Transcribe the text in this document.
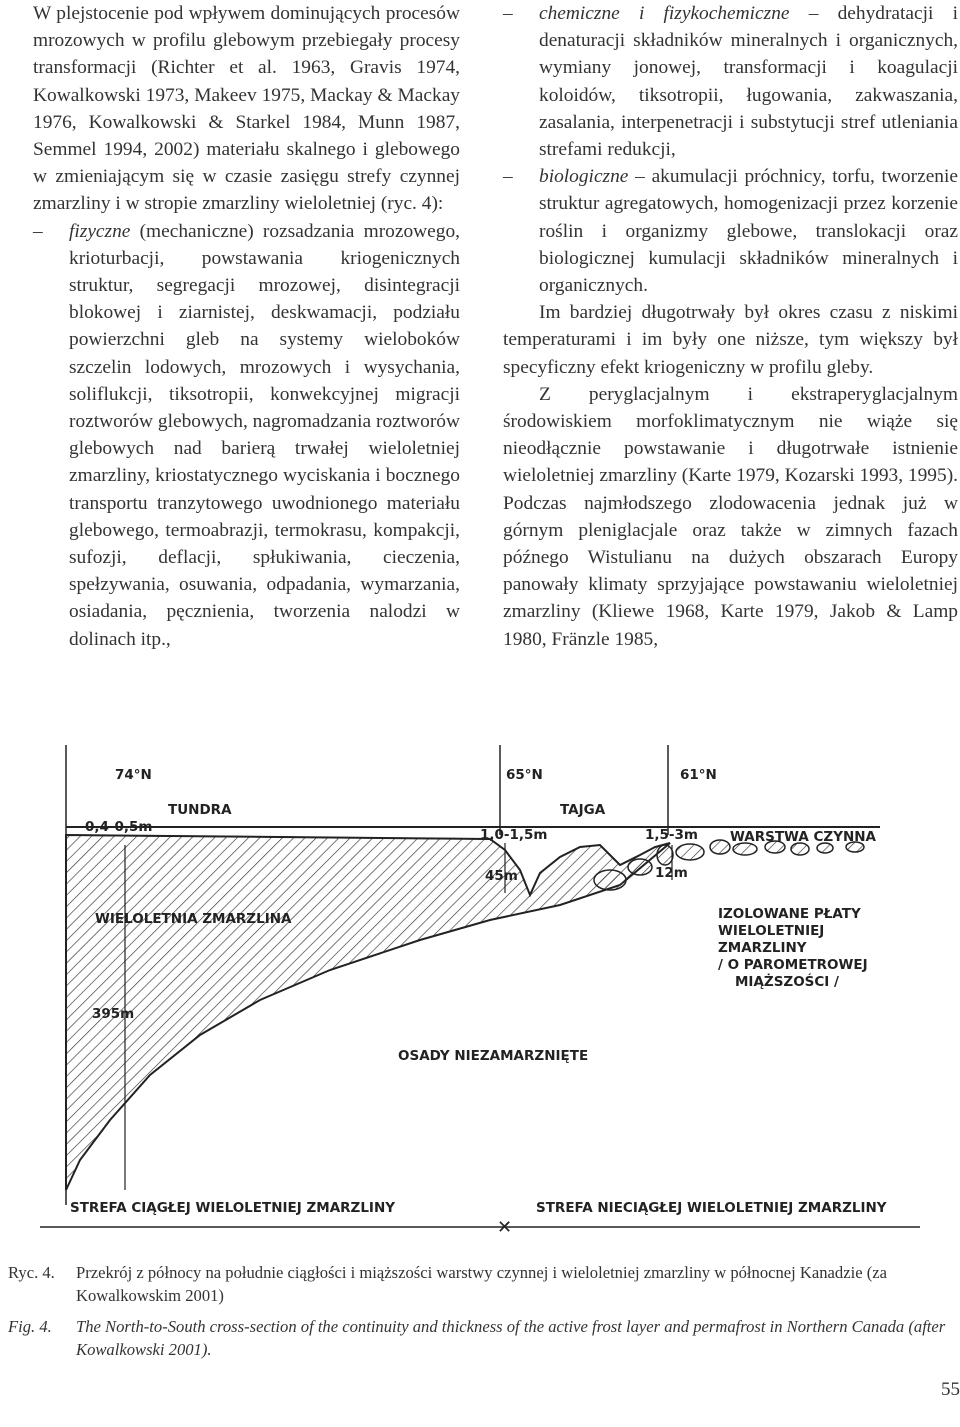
W plejstocenie pod wpływem dominujących procesów mrozowych w profilu glebowym przebiegały procesy transformacji (Richter et al. 1963, Gravis 1974, Kowalkowski 1973, Makeev 1975, Mackay & Mackay 1976, Kowalkowski & Starkel 1984, Munn 1987, Semmel 1994, 2002) materiału skalnego i glebowego w zmieniającym się w czasie zasięgu strefy czynnej zmarzliny i w stropie zmarzliny wieloletniej (ryc. 4):

– fizyczne (mechaniczne) rozsadzania mrozowego, krioturbacji, powstawania kriogenicznych struktur, segregacji mrozowej, disintegracji blokowej i ziarnistej, deskwamacji, podziału powierzchni gleb na systemy wieloboków szczelin lodowych, mrozowych i wysychania, soliflukcji, tiksotropii, konwekcyjnej migracji roztworów glebowych, nagromadzania roztworów glebowych nad barierą trwałej wieloletniej zmarzliny, kriostatycznego wyciskania i bocznego transportu tranzytowego uwodnionego materiału glebowego, termoabrazji, termokrasu, kompakcji, sufozji, deflacji, spłukiwania, cieczenia, spełzywania, osuwania, odpadania, wymarzania, osiadania, pęcznienia, tworzenia nalodzi w dolinach itp.,

– chemiczne i fizykochemiczne – dehydratacji i denaturacji składników mineralnych i organicznych, wymiany jonowej, transformacji i koagulacji koloidów, tiksotropii, ługowania, zakwaszania, zasalania, interpenetracji i substytucji stref utleniania strefami redukcji,

– biologiczne – akumulacji próchnicy, torfu, tworzenie struktur agregatowych, homogenizacji przez korzenie roślin i organizmy glebowe, translokacji oraz biologicznej kumulacji składników mineralnych i organicznych.

Im bardziej długotrwały był okres czasu z niskimi temperaturami i im były one niższe, tym większy był specyficzny efekt kriogeniczny w profilu gleby.

Z peryglacjalnym i ekstraperyglacjalnym środowiskiem morfoklimatycznym nie wiąże się nieodłącznie powstawanie i długotrwałe istnienie wieloletniej zmarzliny (Karte 1979, Kozarski 1993, 1995). Podczas najmłodszego zlodowacenia jednak już w górnym pleniglacjale oraz także w zimnych fazach późnego Wistulianu na dużych obszarach Europy panowały klimaty sprzyjające powstawaniu wieloletniej zmarzliny (Kliewe 1968, Karte 1979, Jakob & Lamp 1980, Fränzle 1985,

✕
74°N	65°N	61°N
TUNDRA	TAJGA
0,4-0,5m	1,0-1,5m	1,5-3m WARSTWA CZYNNA
45m	12m
WIELOLETNIA ZMARZLINA	IZOLOWANE PŁATY
WIELOLETNIEJ
ZMARZLINY
/ O PAROMETROWEJ
MIĄŻSZOŚCI /
395m
OSADY NIEZAMARZNIĘTE
STREFA CIĄGŁEJ WIELOLETNIEJ ZMARZLINY	STREFA NIECIĄGŁEJ WIELOLETNIEJ ZMARZLINY
Ryc. 4.	Przekrój z północy na południe ciągłości i miąższości warstwy czynnej i wieloletniej zmarzliny w północnej Kanadzie (za Kowalkowskim 2001)
Fig. 4.	The North-to-South cross-section of the continuity and thickness of the active frost layer and permafrost in Northern Canada (after Kowalkowski 2001).
55
